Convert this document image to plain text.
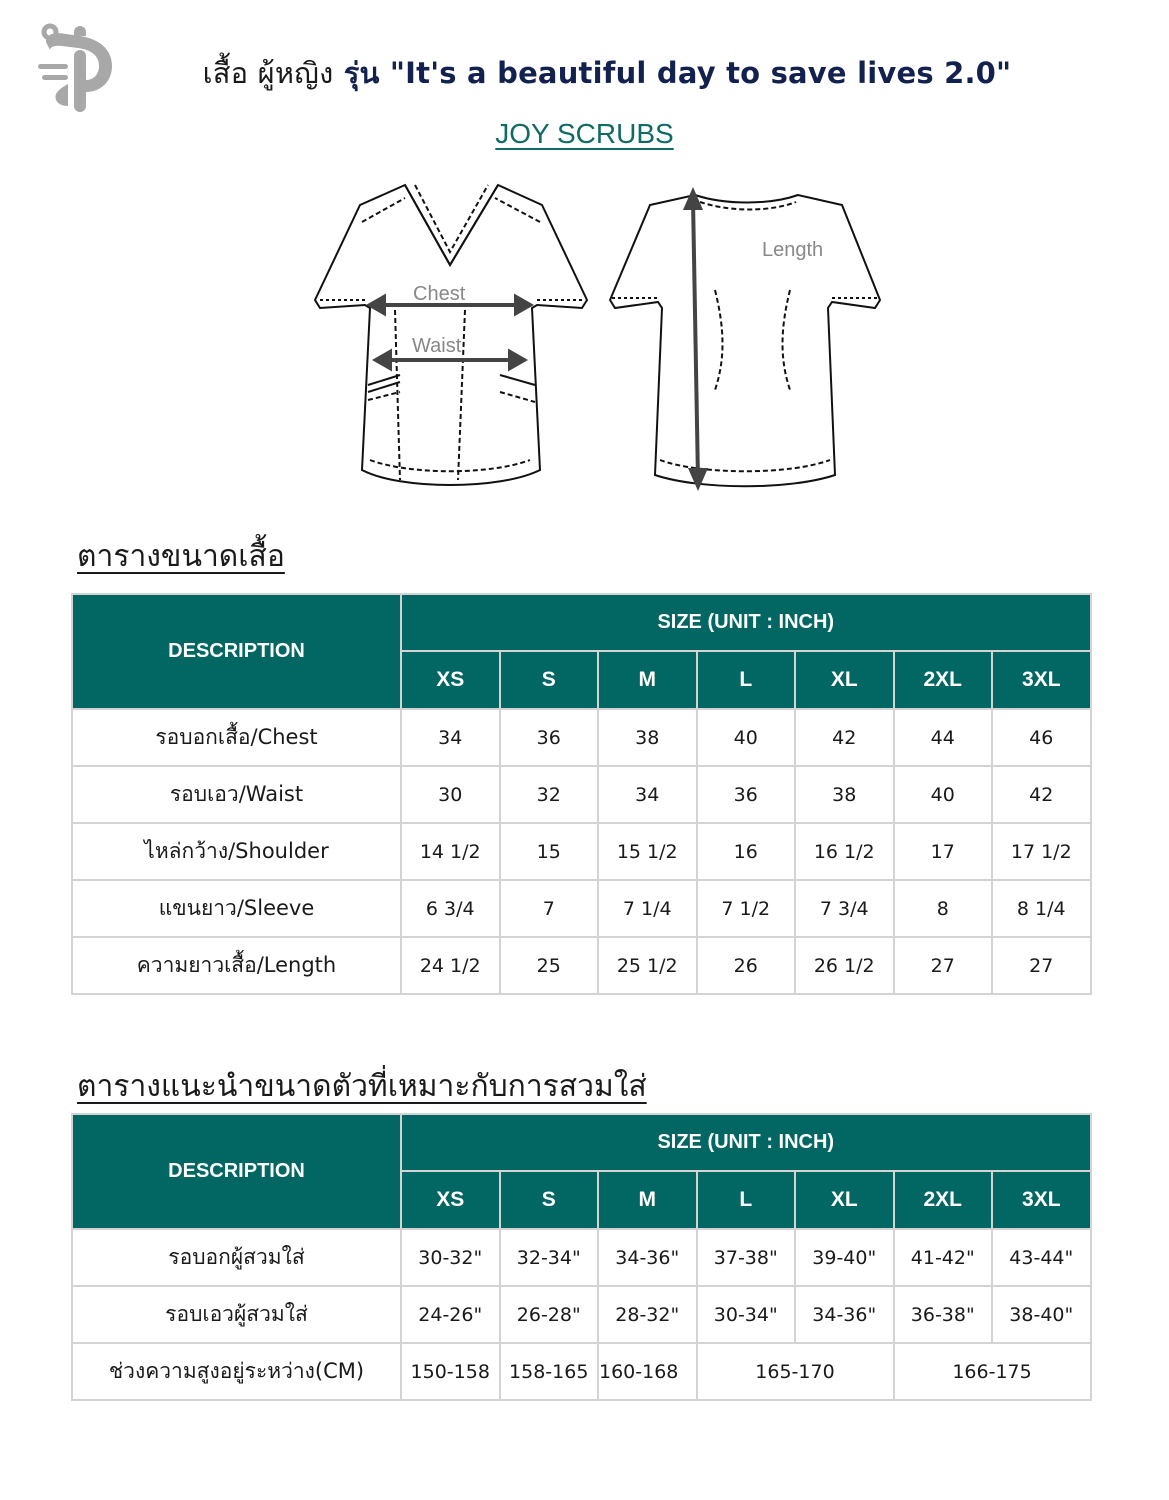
เสื้อ ผู้หญิง รุ่น "It's a beautiful day to save lives 2.0"
JOY SCRUBS
Chest
Waist
Length
ตารางขนาดเสื้อ
DESCRIPTION	SIZE (UNIT : INCH)						
	XS	S	M	L	XL	2XL	3XL
รอบอกเสื้อ/Chest	34	36	38	40	42	44	46
รอบเอว/Waist	30	32	34	36	38	40	42
ไหล่กว้าง/Shoulder	14 1/2	15	15 1/2	16	16 1/2	17	17 1/2
แขนยาว/Sleeve	6 3/4	7	7 1/4	7 1/2	7 3/4	8	8 1/4
ความยาวเสื้อ/Length	24 1/2	25	25 1/2	26	26 1/2	27	27
ตารางแนะนำขนาดตัวที่เหมาะกับการสวมใส่
DESCRIPTION	SIZE (UNIT : INCH)						
	XS	S	M	L	XL	2XL	3XL
รอบอกผู้สวมใส่	30-32"	32-34"	34-36"	37-38"	39-40"	41-42"	43-44"
รอบเอวผู้สวมใส่	24-26"	26-28"	28-32"	30-34"	34-36"	36-38"	38-40"
ช่วงความสูงอยู่ระหว่าง(CM)	150-158	158-165	160-168	165-170		166-175	
